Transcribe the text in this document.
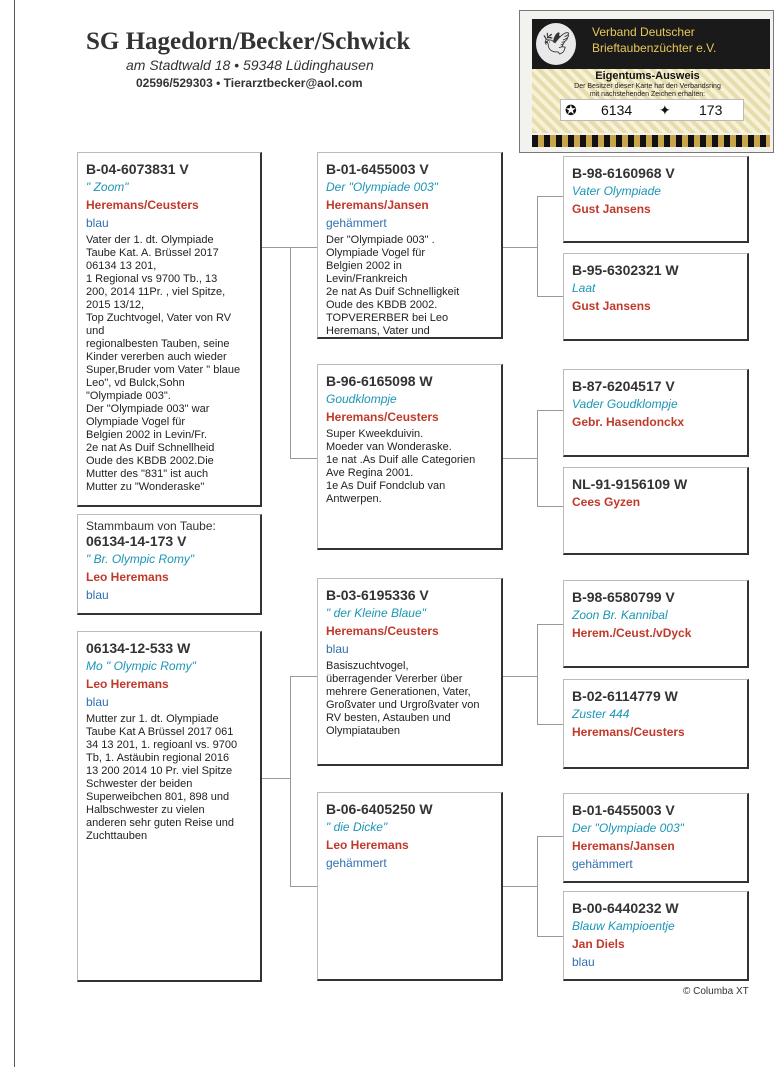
SG Hagedorn/Becker/Schwick
am Stadtwald 18 • 59348 Lüdinghausen
02596/529303 • Tierarztbecker@aol.com
🕊	Verband Deutscher
Brieftaubenzüchter e.V.
Eigentums-Ausweis
Der Besitzer dieser Karte hat den Verbandsring
mit nachstehenden Zeichen erhalten:
✪ 6134 ✦ 173
B-04-6073831 V
" Zoom"
Heremans/Ceusters
blau
Vater der 1. dt. Olympiade
Taube Kat. A. Brüssel 2017
06134 13 201,
1 Regional vs 9700 Tb., 13
200, 2014 11Pr. , viel Spitze,
2015 13/12,
Top Zuchtvogel, Vater von RV
und
regionalbesten Tauben, seine
Kinder vererben auch wieder
Super,Bruder vom Vater " blaue
Leo", vd Bulck,Sohn
"Olympiade 003".
Der "Olympiade 003" war
Olympiade Vogel für
Belgien 2002 in Levin/Fr.
2e nat As Duif Schnellheid
Oude des KBDB 2002.Die
Mutter des "831" ist auch
Mutter zu "Wonderaske"
Stammbaum von Taube:
06134-14-173 V
" Br. Olympic Romy"
Leo Heremans
blau
06134-12-533 W
Mo " Olympic Romy"
Leo Heremans
blau
Mutter zur 1. dt. Olympiade
Taube Kat A Brüssel 2017 061
34 13 201, 1. regioanl vs. 9700
Tb, 1. Astäubin regional 2016
13 200 2014 10 Pr. viel Spitze
Schwester der beiden
Superweibchen 801, 898 und
Halbschwester zu vielen
anderen sehr guten Reise und
Zuchttauben
B-01-6455003 V
Der "Olympiade 003"
Heremans/Jansen
gehämmert
Der "Olympiade 003" .
Olympiade Vogel für
Belgien 2002 in
Levin/Frankreich
2e nat As Duif Schnelligkeit
Oude des KBDB 2002.
TOPVERERBER bei Leo
Heremans, Vater und
B-96-6165098 W
Goudklompje
Heremans/Ceusters
Super Kweekduivin.
Moeder van Wonderaske.
1e nat .As Duif alle Categorien
Ave Regina 2001.
1e As Duif Fondclub van
Antwerpen.
B-03-6195336 V
" der Kleine Blaue"
Heremans/Ceusters
blau
Basiszuchtvogel,
überragender Vererber über
mehrere Generationen, Vater,
Großvater und Urgroßvater von
RV besten, Astauben und
Olympiatauben
B-06-6405250 W
" die Dicke"
Leo Heremans
gehämmert
B-98-6160968 V
Vater Olympiade
Gust Jansens
B-95-6302321 W
Laat
Gust Jansens
B-87-6204517 V
Vader Goudklompje
Gebr. Hasendonckx
NL-91-9156109 W
Cees Gyzen
B-98-6580799 V
Zoon Br. Kannibal
Herem./Ceust./vDyck
B-02-6114779 W
Zuster 444
Heremans/Ceusters
B-01-6455003 V
Der "Olympiade 003"
Heremans/Jansen
gehämmert
B-00-6440232 W
Blauw Kampioentje
Jan Diels
blau
© Columba XT
